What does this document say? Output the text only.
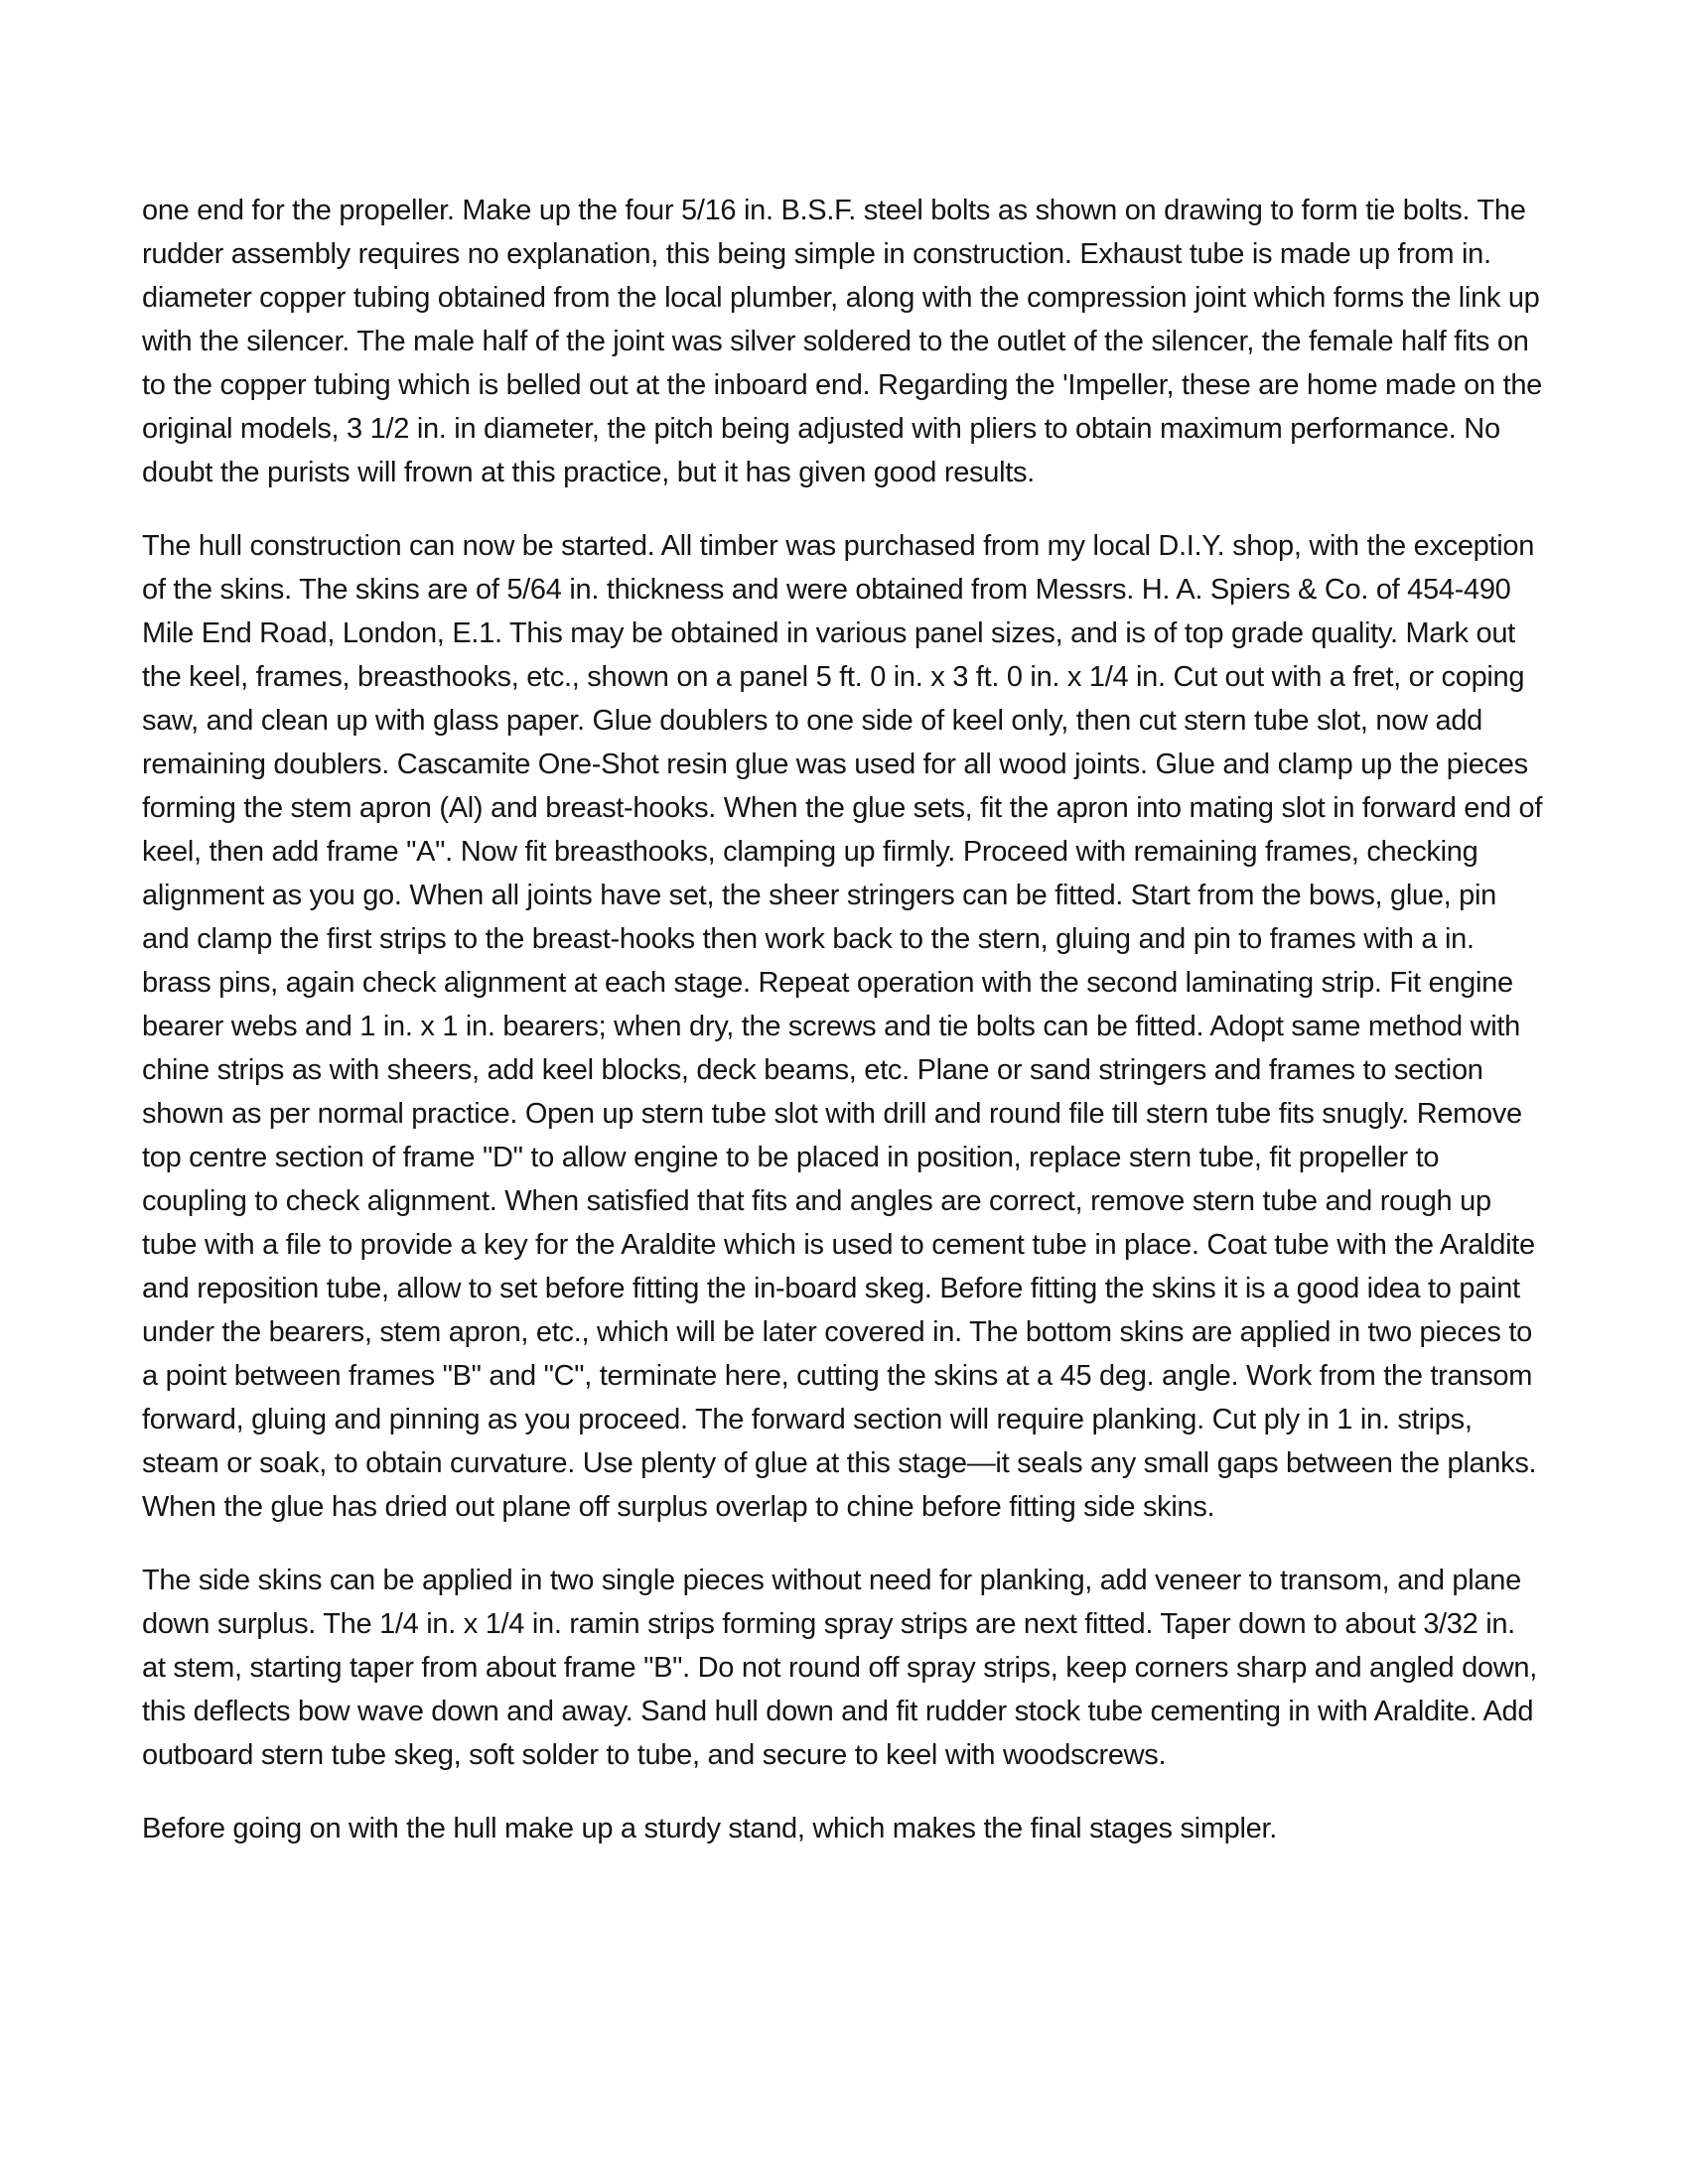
one end for the propeller. Make up the four 5/16 in. B.S.F. steel bolts as shown on drawing to form tie bolts. The rudder assembly requires no explanation, this being simple in construction. Exhaust tube is made up from in. diameter copper tubing obtained from the local plumber, along with the compression joint which forms the link up with the silencer. The male half of the joint was silver soldered to the outlet of the silencer, the female half fits on to the copper tubing which is belled out at the inboard end. Regarding the 'Impeller, these are home made on the original models, 3 1/2 in. in diameter, the pitch being adjusted with pliers to obtain maximum performance. No doubt the purists will frown at this practice, but it has given good results.

The hull construction can now be started. All timber was purchased from my local D.I.Y. shop, with the exception of the skins. The skins are of 5/64 in. thickness and were obtained from Messrs. H. A. Spiers & Co. of 454-490 Mile End Road, London, E.1. This may be obtained in various panel sizes, and is of top grade quality. Mark out the keel, frames, breasthooks, etc., shown on a panel 5 ft. 0 in. x 3 ft. 0 in. x 1/4 in. Cut out with a fret, or coping saw, and clean up with glass paper. Glue doublers to one side of keel only, then cut stern tube slot, now add remaining doublers. Cascamite One-Shot resin glue was used for all wood joints. Glue and clamp up the pieces forming the stem apron (Al) and breast-hooks. When the glue sets, fit the apron into mating slot in forward end of keel, then add frame "A". Now fit breasthooks, clamping up firmly. Proceed with remaining frames, checking alignment as you go. When all joints have set, the sheer stringers can be fitted. Start from the bows, glue, pin and clamp the first strips to the breast-hooks then work back to the stern, gluing and pin to frames with a in. brass pins, again check alignment at each stage. Repeat operation with the second laminating strip. Fit engine bearer webs and 1 in. x 1 in. bearers; when dry, the screws and tie bolts can be fitted. Adopt same method with chine strips as with sheers, add keel blocks, deck beams, etc. Plane or sand stringers and frames to section shown as per normal practice. Open up stern tube slot with drill and round file till stern tube fits snugly. Remove top centre section of frame "D" to allow engine to be placed in position, replace stern tube, fit propeller to coupling to check alignment. When satisfied that fits and angles are correct, remove stern tube and rough up tube with a file to provide a key for the Araldite which is used to cement tube in place. Coat tube with the Araldite and reposition tube, allow to set before fitting the in-board skeg. Before fitting the skins it is a good idea to paint under the bearers, stem apron, etc., which will be later covered in. The bottom skins are applied in two pieces to a point between frames "B" and "C", terminate here, cutting the skins at a 45 deg. angle. Work from the transom forward, gluing and pinning as you proceed. The forward section will require planking. Cut ply in 1 in. strips, steam or soak, to obtain curvature. Use plenty of glue at this stage—it seals any small gaps between the planks. When the glue has dried out plane off surplus overlap to chine before fitting side skins.

The side skins can be applied in two single pieces without need for planking, add veneer to transom, and plane down surplus. The 1/4 in. x 1/4 in. ramin strips forming spray strips are next fitted. Taper down to about 3/32 in. at stem, starting taper from about frame "B". Do not round off spray strips, keep corners sharp and angled down, this deflects bow wave down and away. Sand hull down and fit rudder stock tube cementing in with Araldite. Add outboard stern tube skeg, soft solder to tube, and secure to keel with woodscrews.

Before going on with the hull make up a sturdy stand, which makes the final stages simpler.
